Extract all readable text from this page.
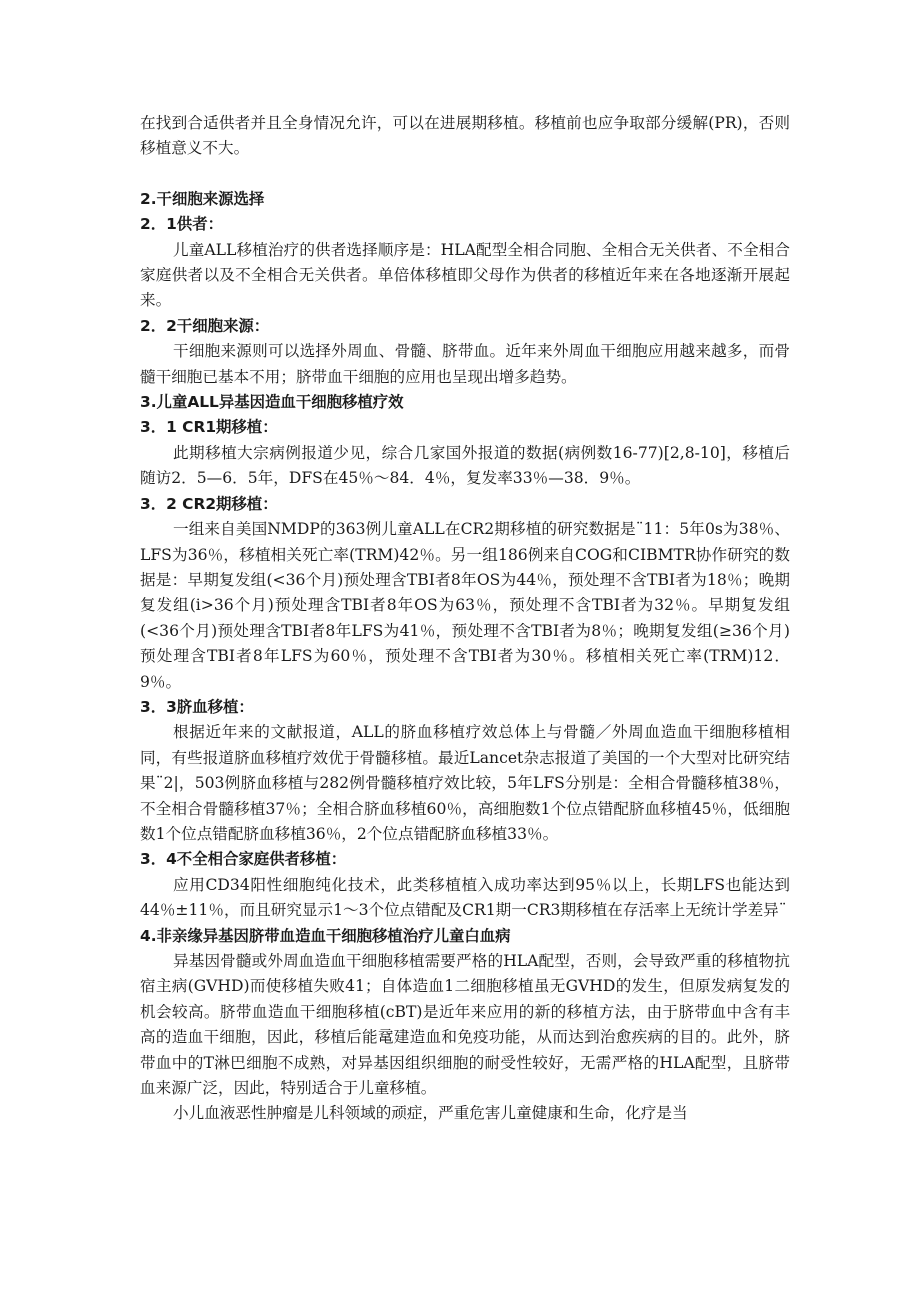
在找到合适供者并且全身情况允许，可以在进展期移植。移植前也应争取部分缓解(PR)，否则移植意义不大。

2.干细胞来源选择

2．1供者：

儿童ALL移植治疗的供者选择顺序是：HLA配型全相合同胞、全相合无关供者、不全相合家庭供者以及不全相合无关供者。单倍体移植即父母作为供者的移植近年来在各地逐渐开展起来。

2．2干细胞来源：

干细胞来源则可以选择外周血、骨髓、脐带血。近年来外周血干细胞应用越来越多，而骨髓干细胞已基本不用；脐带血干细胞的应用也呈现出增多趋势。

3.儿童ALL异基因造血干细胞移植疗效

3．1 CR1期移植：

此期移植大宗病例报道少见，综合几家国外报道的数据(病例数16-77)[2,8-10]，移植后随访2．5—6．5年，DFS在45％～84．4％，复发率33％—38．9％。

3．2 CR2期移植：

一组来自美国NMDP的363例儿童ALL在CR2期移植的研究数据是¨11：5年0s为38％、LFS为36％，移植相关死亡率(TRM)42％。另一组186例来自COG和CIBMTR协作研究的数据是：早期复发组(<36个月)预处理含TBI者8年OS为44％，预处理不含TBI者为18％；晚期复发组(i>36个月)预处理含TBI者8年OS为63％，预处理不含TBI者为32％。早期复发组(<36个月)预处理含TBI者8年LFS为41％，预处理不含TBI者为8％；晚期复发组(≥36个月)预处理含TBI者8年LFS为60％，预处理不含TBI者为30％。移植相关死亡率(TRM)12．9％。

3．3脐血移植：

根据近年来的文献报道，ALL的脐血移植疗效总体上与骨髓／外周血造血干细胞移植相同，有些报道脐血移植疗效优于骨髓移植。最近Lancet杂志报道了美国的一个大型对比研究结果¨2|，503例脐血移植与282例骨髓移植疗效比较，5年LFS分别是：全相合骨髓移植38％，不全相合骨髓移植37％；全相合脐血移植60％，高细胞数1个位点错配脐血移植45％，低细胞数1个位点错配脐血移植36％，2个位点错配脐血移植33％。

3．4不全相合家庭供者移植：

应用CD34阳性细胞纯化技术，此类移植植入成功率达到95％以上，长期LFS也能达到44％±11％，而且研究显示1～3个位点错配及CR1期一CR3期移植在存活率上无统计学差异¨

4.非亲缘异基因脐带血造血干细胞移植治疗儿童白血病

异基因骨髓或外周血造血干细胞移植需要严格的HLA配型，否则，会导致严重的移植物抗宿主病(GVHD)而使移植失败41；自体造血1二细胞移植虽无GVHD的发生，但原发病复发的机会较高。脐带血造血干细胞移植(cBT)是近年来应用的新的移植方法，由于脐带血中含有丰高的造血干细胞，因此，移植后能鼋建造血和免疫功能，从而达到治愈疾病的目的。此外，脐带血中的T淋巴细胞不成熟，对异基因组织细胞的耐受性较好，无需严格的HLA配型，且脐带血来源广泛，因此，特别适合于儿童移植。

小儿血液恶性肿瘤是儿科领域的顽症，严重危害儿童健康和生命，化疗是当
